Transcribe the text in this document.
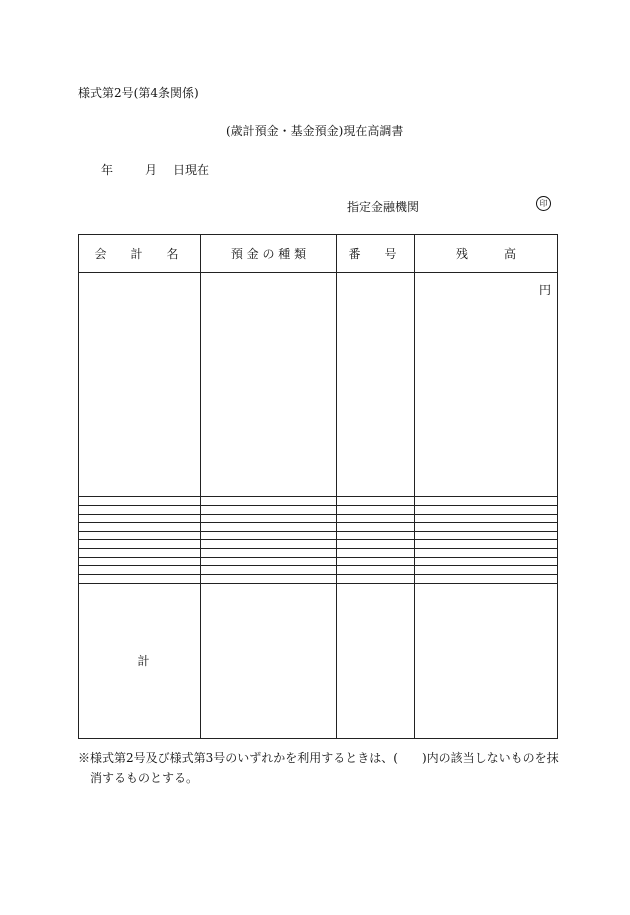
様式第2号(第4条関係)
(歳計預金・基金預金)現在高調書
年	月 日現在
指定金融機関	印
会　計　名	預 金 の 種 類	番　号	残　　　高
			円

計			
※様式第2号及び様式第3号のいずれかを利用するときは、(　　)内の該当しないものを抹
消するものとする。
